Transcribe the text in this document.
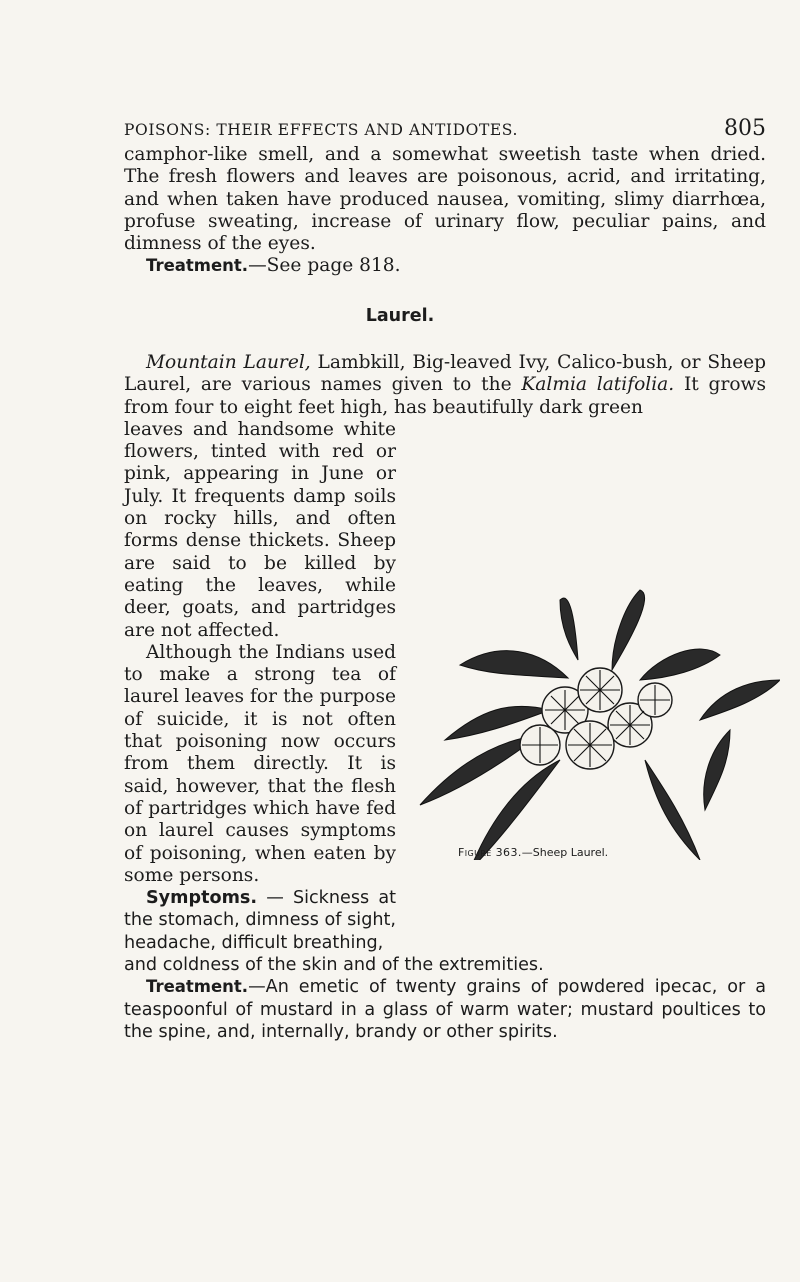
POISONS: THEIR EFFECTS AND ANTIDOTES.	805

camphor-like smell, and a somewhat sweetish taste when dried. The fresh flowers and leaves are poisonous, acrid, and irritating, and when taken have produced nausea, vomiting, slimy diarrhœa, profuse sweating, increase of urinary flow, peculiar pains, and dimness of the eyes.

Treatment.—See page 818.

Laurel.

Mountain Laurel, Lambkill, Big-leaved Ivy, Calico-bush, or Sheep Laurel, are various names given to the Kalmia latifolia. It grows from four to eight feet high, has beautifully dark green

leaves and handsome white flowers, tinted with red or pink, appearing in June or July. It frequents damp soils on rocky hills, and often forms dense thickets. Sheep are said to be killed by eating the leaves, while deer, goats, and partridges are not affected.

Although the Indians used to make a strong tea of laurel leaves for the purpose of suicide, it is not often that poisoning now occurs from them directly. It is said, however, that the flesh of partridges which have fed on laurel causes symptoms of poisoning, when eaten by some persons.

Symptoms. — Sickness at the stomach, dimness of sight, headache, difficult breathing,

and coldness of the skin and of the extremities.

Treatment.—An emetic of twenty grains of powdered ipecac, or a teaspoonful of mustard in a glass of warm water; mustard poultices to the spine, and, internally, brandy or other spirits.

Figure 363.—Sheep Laurel.
